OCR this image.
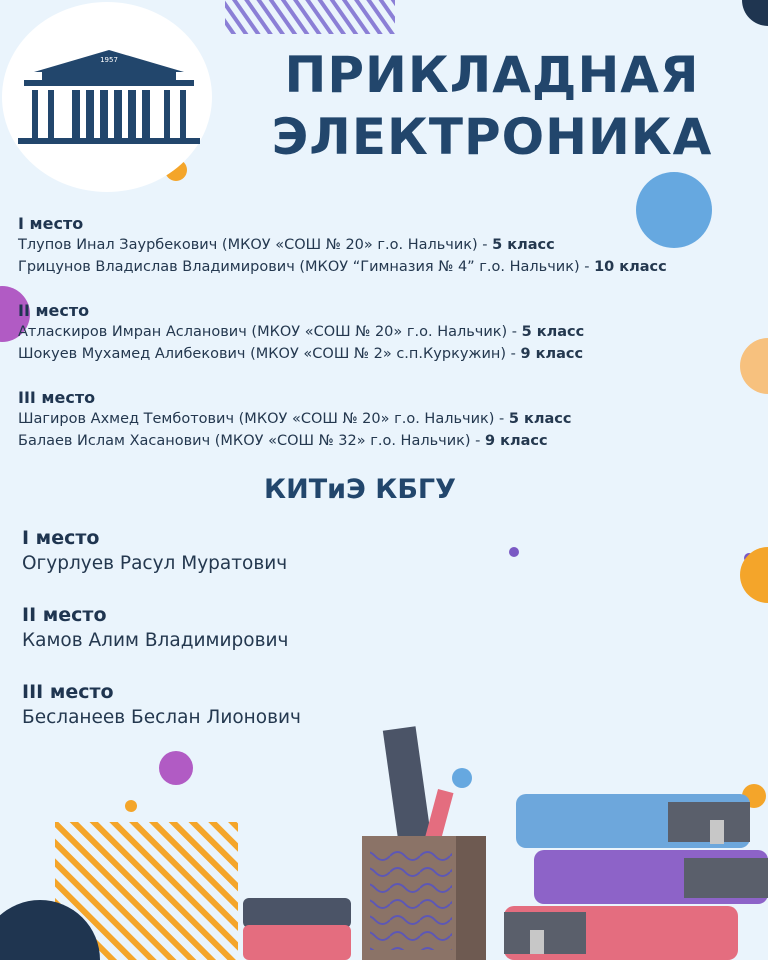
1957	ПРИКЛАДНАЯ
ЭЛЕКТРОНИКА
I место
Тлупов Инал Заурбекович (МКОУ «СОШ № 20» г.о. Нальчик) - 5 класс
Грицунов Владислав Владимирович (МКОУ “Гимназия № 4” г.о. Нальчик) - 10 класс
II место
Атласкиров Имран Асланович (МКОУ «СОШ № 20» г.о. Нальчик) - 5 класс
Шокуев Мухамед Алибекович (МКОУ «СОШ № 2» с.п.Куркужин) - 9 класс
III место
Шагиров Ахмед Темботович (МКОУ «СОШ № 20» г.о. Нальчик) - 5 класс
Балаев Ислам Хасанович (МКОУ «СОШ № 32» г.о. Нальчик) - 9 класс
КИТиЭ КБГУ
I место
Огурлуев Расул Муратович
II место
Камов Алим Владимирович
III место
Бесланеев Беслан Лионович
